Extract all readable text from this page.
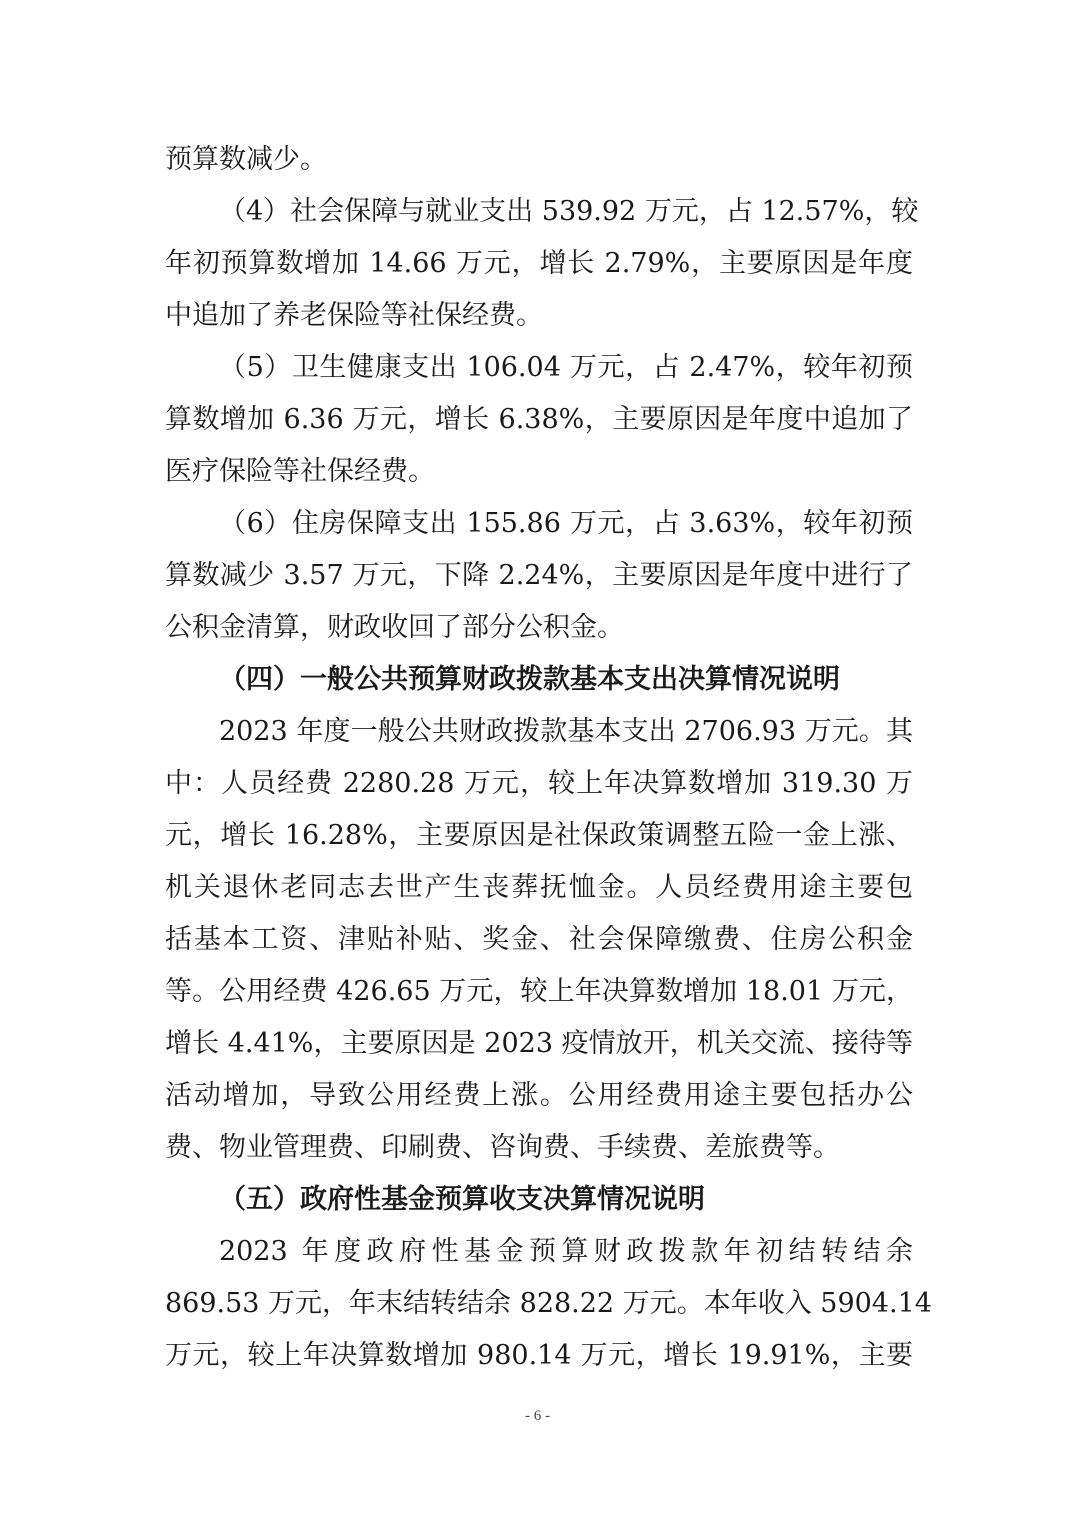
预算数减少。
（4）社会保障与就业支出 539.92 万元，占 12.57%，较
年初预算数增加 14.66 万元，增长 2.79%，主要原因是年度
中追加了养老保险等社保经费。
（5）卫生健康支出 106.04 万元，占 2.47%，较年初预
算数增加 6.36 万元，增长 6.38%，主要原因是年度中追加了
医疗保险等社保经费。
（6）住房保障支出 155.86 万元，占 3.63%，较年初预
算数减少 3.57 万元，下降 2.24%，主要原因是年度中进行了
公积金清算，财政收回了部分公积金。
（四）一般公共预算财政拨款基本支出决算情况说明
2023 年度一般公共财政拨款基本支出 2706.93 万元。其
中：人员经费 2280.28 万元，较上年决算数增加 319.30 万
元，增长 16.28%，主要原因是社保政策调整五险一金上涨、
机关退休老同志去世产生丧葬抚恤金。人员经费用途主要包
括基本工资、津贴补贴、奖金、社会保障缴费、住房公积金
等。公用经费 426.65 万元，较上年决算数增加 18.01 万元，
增长 4.41%，主要原因是 2023 疫情放开，机关交流、接待等
活动增加，导致公用经费上涨。公用经费用途主要包括办公
费、物业管理费、印刷费、咨询费、手续费、差旅费等。
（五）政府性基金预算收支决算情况说明
2023 年度政府性基金预算财政拨款年初结转结余
869.53 万元，年末结转结余 828.22 万元。本年收入 5904.14
万元，较上年决算数增加 980.14 万元，增长 19.91%，主要
- 6 -
